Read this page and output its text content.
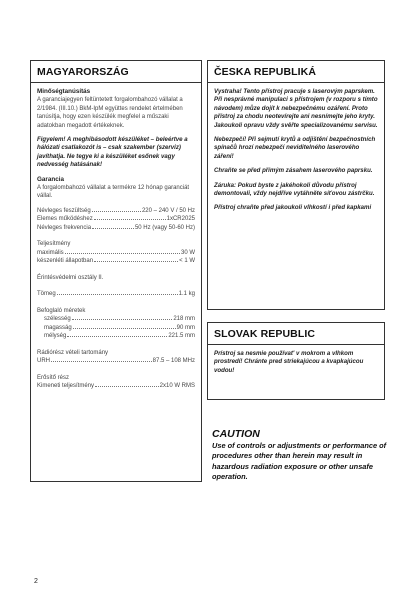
MAGYARORSZÁG
Minőségtanúsítás

A garanciajegyen feltüntetett forgalombahozó vállalat a 2/1984. (III.10.) BkM-IpM együttes rendelet értelmében tanúsítja, hogy ezen készülék megfelel a műszaki adatokban megadott értékeknek.

Figyelem! A meghibásodott készüléket – beleértve a hálózati csatlakozót is – csak szakember (szerviz) javíthatja. Ne tegye ki a készüléket esőnek vagy nedvesség hatásának!

Garancia

A forgalombahozó vállalat a termékre 12 hónap garanciát vállal.

Névleges feszültség	220 – 240 V / 50 Hz
Elemes működéshez	1xCR2025
Névleges frekvencia	50 Hz (vagy 50-60 Hz)
Teljesítmény
maximális	30 W
készenléti állapotban	< 1 W
Érintésvédelmi osztály II.
Tömeg	1.1 kg
Befoglaló méretek
szélesség	218 mm
magasság	90 mm
mélység	221.5 mm
Rádiórész vételi tartomány
URH	87.5 – 108 MHz
Erősítő rész
Kimeneti teljesítmény	2x10 W RMS
ČESKA REPUBLIKÁ

Vystraha! Tento přístroj pracuje s laserovým paprskem. Při nesprávné manipulaci s přístrojem (v rozporu s tímto návodem) můze dojít k nebezpečnému ozáření. Proto přístroj za chodu neotevírejte ani nesnímejte jeho kryty. Jakoukoli opravu vždy svěřte specializovanému servisu.

Nebezpečí! Při sejmutí krytů a odjištění bezpečnostních spínačů hrozí nebezpečí neviditelného laserového záření!

Chraňte se před přímým zásahem laserového paprsku.

Záruka: Pokud byste z jakéhokoli důvodu přístroj demontovali, vždy nejdříve vytáhněte síťovou zástrčku.

Přístroj chraňte před jakoukoli vlhkostí i před kapkami

SLOVAK REPUBLIC

Prístroj sa nesmie používat' v mokrom a vlhkom prostredí! Chránte pred striekajúcou a kvapkajúcou vodou!

CAUTION
Use of controls or adjustments or performance of procedures other than herein may result in hazardous radiation exposure or other unsafe operation.
2
